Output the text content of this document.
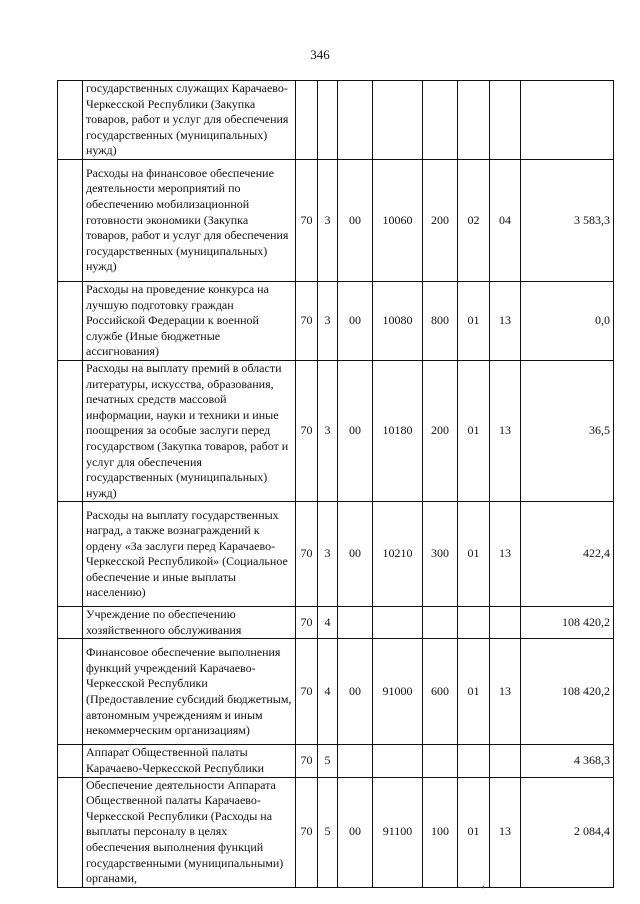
346
	государственных служащих Карачаево-Черкесской Республики (Закупка товаров, работ и услуг для обеспечения государственных (муниципальных) нужд)								
	Расходы на финансовое обеспечение деятельности мероприятий по обеспечению мобилизационной готовности экономики (Закупка товаров, работ и услуг для обеспечения государственных (муниципальных) нужд)	70	3	00	10060	200	02	04	3 583,3
	Расходы на проведение конкурса на лучшую подготовку граждан Российской Федерации к военной службе (Иные бюджетные ассигнования)	70	3	00	10080	800	01	13	0,0
	Расходы на выплату премий в области литературы, искусства, образования, печатных средств массовой информации, науки и техники и иные поощрения за особые заслуги перед государством (Закупка товаров, работ и услуг для обеспечения государственных (муниципальных) нужд)	70	3	00	10180	200	01	13	36,5
	Расходы на выплату государственных наград, а также вознаграждений к ордену «За заслуги перед Карачаево-Черкесской Республикой» (Социальное обеспечение и иные выплаты населению)	70	3	00	10210	300	01	13	422,4
	Учреждение по обеспечению хозяйственного обслуживания	70	4						108 420,2
	Финансовое обеспечение выполнения функций учреждений Карачаево-Черкесской Республики (Предоставление субсидий бюджетным, автономным учреждениям и иным некоммерческим организациям)	70	4	00	91000	600	01	13	108 420,2
	Аппарат Общественной палаты Карачаево-Черкесской Республики	70	5						4 368,3
	Обеспечение деятельности Аппарата Общественной палаты Карачаево-Черкесской Республики (Расходы на выплаты персоналу в целях обеспечения выполнения функций государственными (муниципальными) органами,	70	5	00	91100	100	01	13	2 084,4
,
